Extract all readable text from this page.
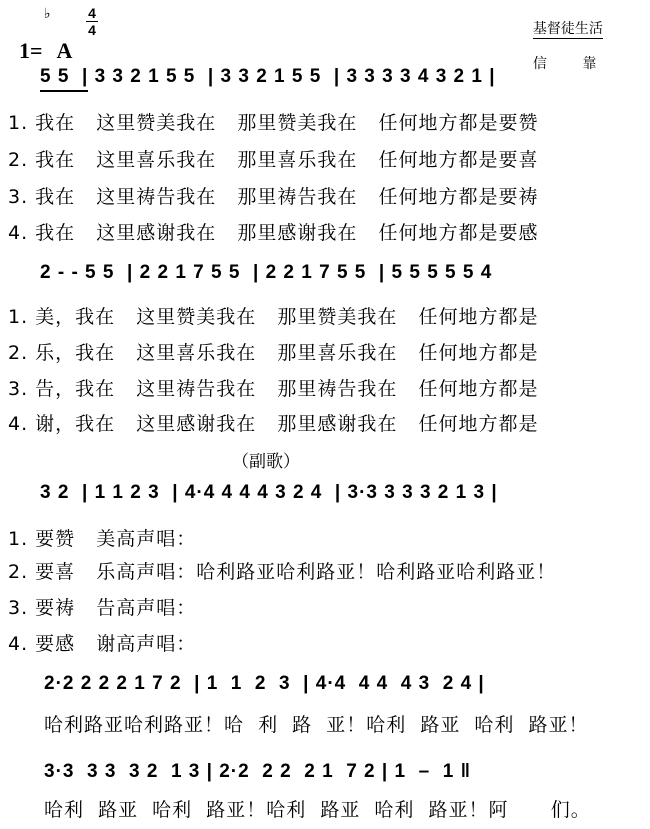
1= A

♭	4
4	基督徒生活

信        靠

5 5  | 3 3 2 1 5 5  | 3 3 2 1 5 5  | 3 3 3 3 4 3 2 1 |
1. 我在   这里赞美我在   那里赞美我在   任何地方都是要赞
2. 我在   这里喜乐我在   那里喜乐我在   任何地方都是要喜
3. 我在   这里祷告我在   那里祷告我在   任何地方都是要祷
4. 我在   这里感谢我在   那里感谢我在   任何地方都是要感
2 - - 5 5  | 2 2 1 7 5 5  | 2 2 1 7 5 5  | 5 5 5 5 5 4
1. 美，我在   这里赞美我在   那里赞美我在   任何地方都是
2. 乐，我在   这里喜乐我在   那里喜乐我在   任何地方都是
3. 告，我在   这里祷告我在   那里祷告我在   任何地方都是
4. 谢，我在   这里感谢我在   那里感谢我在   任何地方都是
（副歌）
3 2  | 1 1 2 3  | 4·4 4 4 4 3 2 4  | 3·3 3 3 3 2 1 3 |
1. 要赞   美高声唱：
2. 要喜   乐高声唱：哈利路亚哈利路亚！哈利路亚哈利路亚！
3. 要祷   告高声唱：
4. 要感   谢高声唱：
2·2 2 2 2 1 7 2  | 1  1  2  3  | 4·4  4 4  4 3  2 4 |
哈利路亚哈利路亚！哈  利  路  亚！哈利  路亚  哈利  路亚！
3·3  3 3  3 2  1 3 | 2·2  2 2  2 1  7 2 | 1  –  1 ‖
哈利  路亚  哈利  路亚！哈利  路亚  哈利  路亚！阿      们。
